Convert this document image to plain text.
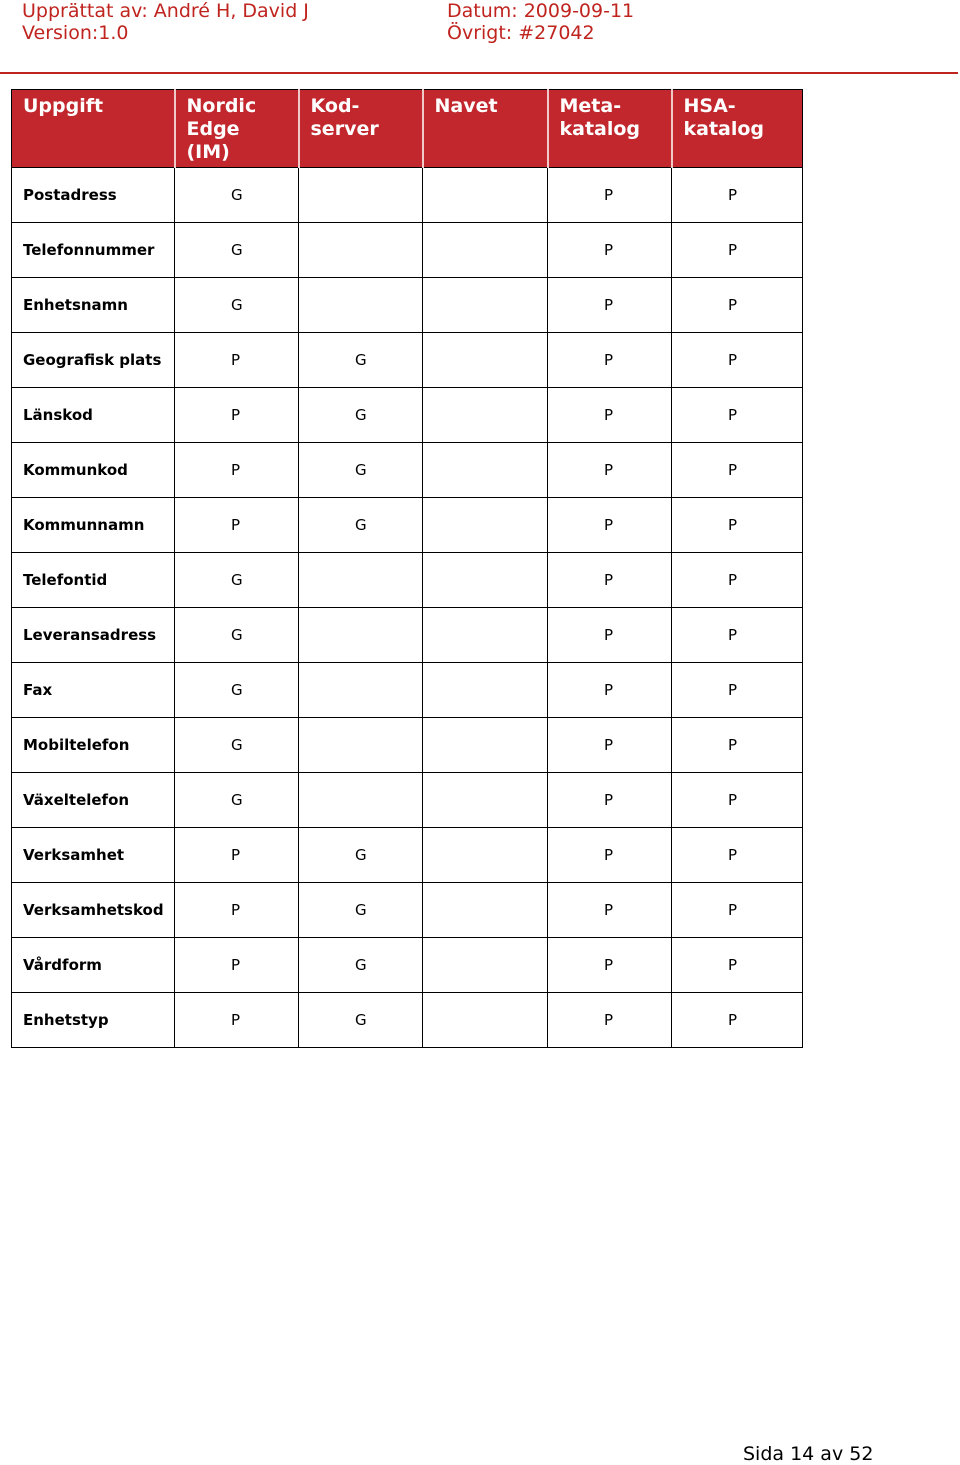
Upprättat av: André H, David J
Version:1.0
Datum: 2009-09-11
Övrigt: #27042
Uppgift	Nordic Edge (IM)	Kod-server	Navet	Meta-katalog	HSA-katalog
Postadress	G			P	P
Telefonnummer	G			P	P
Enhetsnamn	G			P	P
Geografisk plats	P	G		P	P
Länskod	P	G		P	P
Kommunkod	P	G		P	P
Kommunnamn	P	G		P	P
Telefontid	G			P	P
Leveransadress	G			P	P
Fax	G			P	P
Mobiltelefon	G			P	P
Växeltelefon	G			P	P
Verksamhet	P	G		P	P
Verksamhetskod	P	G		P	P
Vårdform	P	G		P	P
Enhetstyp	P	G		P	P
Sida 14 av 52
